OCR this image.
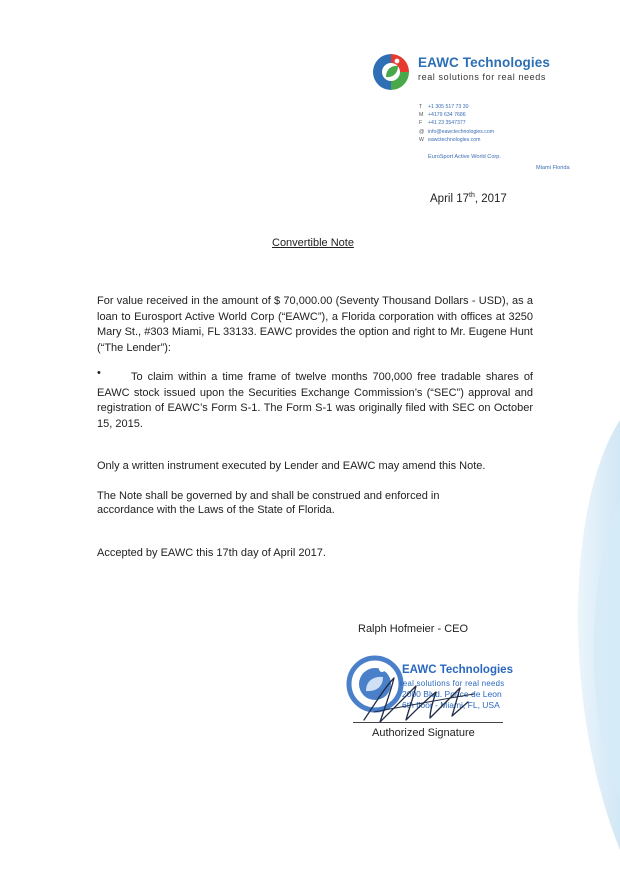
EAWC Technologies
real solutions for real needs
T +1 305 517 73 30
M +4179 634 7686
F +41 23 3547377
@ info@eawctechnologies.com
W eawctechnologies.com
EuroSport Active World Corp.
Miami Florida
April 17th, 2017
Convertible Note
For value received in the amount of $ 70,000.00 (Seventy Thousand Dollars - USD), as a loan to Eurosport Active World Corp (“EAWC”), a Florida corporation with offices at 3250 Mary St., #303 Miami, FL 33133. EAWC provides the option and right to Mr. Eugene Hunt (“The Lender”):
•	To claim within a time frame of twelve months 700,000 free tradable shares of EAWC stock issued upon the Securities Exchange Commission’s (“SEC”) approval and registration of EAWC’s Form S-1. The Form S-1 was originally filed with SEC on October 15, 2015.
Only a written instrument executed by Lender and EAWC may amend this Note.
The Note shall be governed by and shall be construed and enforced in
accordance with the Laws of the State of Florida.
Accepted by EAWC this 17th day of April 2017.
Ralph Hofmeier - CEO
EAWC Technologies
real solutions for real needs
2000 Blvd. Ponce de Leon
6th floor - Miami, FL, USA
Authorized Signature
